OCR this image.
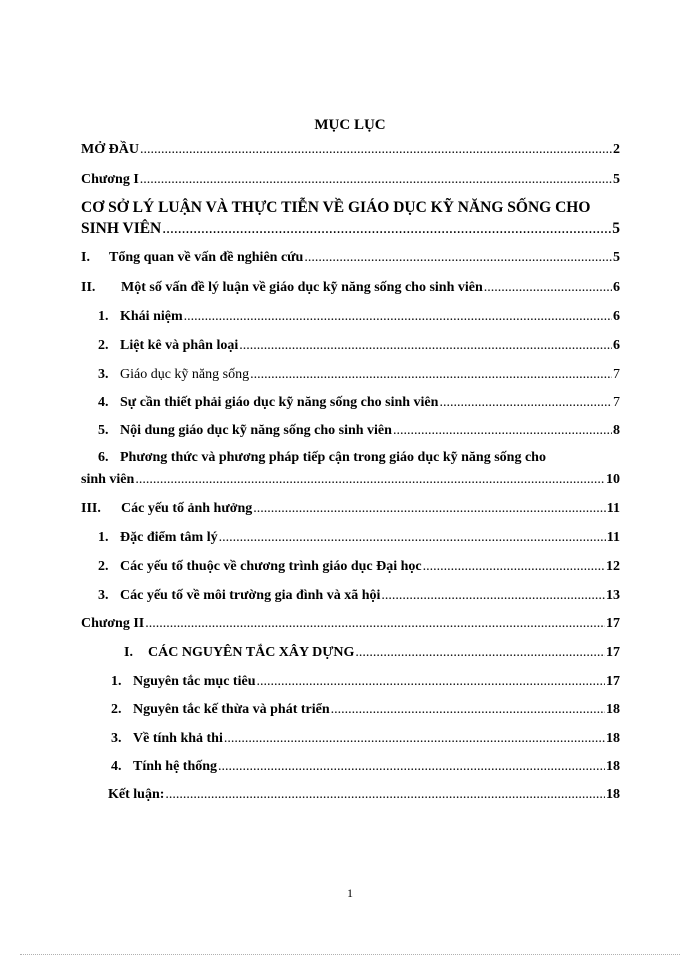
MỤC LỤC
MỞ ĐẦU .....	2
Chương I .....	5
CƠ SỞ LÝ LUẬN VÀ THỰC TIỄN VỀ GIÁO DỤC KỸ NĂNG SỐNG CHO
SINH VIÊN .....	5
I.	Tổng quan về vấn đề nghiên cứu .....	5
II.	Một số vấn đề lý luận về giáo dục kỹ năng sống cho sinh viên .....	6
1. Khái niệm .....	6
2. Liệt kê và phân loại .....	6
3. Giáo dục kỹ năng sống .....	7
4. Sự cần thiết phải giáo dục kỹ năng sống cho sinh viên .....	7
5. Nội dung giáo dục kỹ năng sống cho sinh viên .....	8
6. Phương thức và phương pháp tiếp cận trong giáo dục kỹ năng sống cho
sinh viên .....	10
III.	Các yếu tố ảnh hưởng .....	11
1. Đặc điểm tâm lý .....	11
2. Các yếu tố thuộc về chương trình giáo dục Đại học .....	12
3. Các yếu tố về môi trường gia đình và xã hội .....	13
Chương II .....	17
I.	CÁC NGUYÊN TẮC XÂY DỰNG .....	17
1. Nguyên tắc mục tiêu .....	17
2. Nguyên tắc kế thừa và phát triển .....	18
3. Về tính khả thi .....	18
4. Tính hệ thống .....	18
Kết luận: .....	18
1
